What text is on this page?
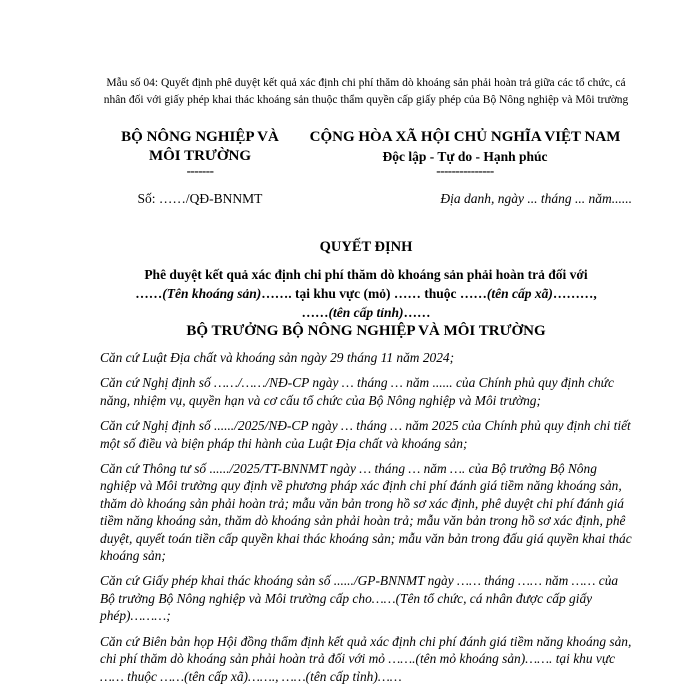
Mẫu số 04: Quyết định phê duyệt kết quả xác định chi phí thăm dò khoáng sản phải hoàn trả giữa các tổ chức, cá nhân đối với giấy phép khai thác khoáng sản thuộc thẩm quyền cấp giấy phép của Bộ Nông nghiệp và Môi trường
BỘ NÔNG NGHIỆP VÀ
MÔI TRƯỜNG
-------
CỘNG HÒA XÃ HỘI CHỦ NGHĨA VIỆT NAM
Độc lập - Tự do - Hạnh phúc
---------------
Số: ……/QĐ-BNNMT	Địa danh, ngày ... tháng ... năm......
QUYẾT ĐỊNH
Phê duyệt kết quả xác định chi phí thăm dò khoáng sản phải hoàn trả đối với
……(Tên khoáng sản)……. tại khu vực (mỏ) …… thuộc ……(tên cấp xã)………,
……(tên cấp tỉnh)……
BỘ TRƯỞNG BỘ NÔNG NGHIỆP VÀ MÔI TRƯỜNG

Căn cứ Luật Địa chất và khoáng sản ngày 29 tháng 11 năm 2024;

Căn cứ Nghị định số ……/……/NĐ-CP ngày … tháng … năm ...... của Chính phủ quy định chức năng, nhiệm vụ, quyền hạn và cơ cấu tổ chức của Bộ Nông nghiệp và Môi trường;

Căn cứ Nghị định số ....../2025/NĐ-CP ngày … tháng … năm 2025 của Chính phủ quy định chi tiết một số điều và biện pháp thi hành của Luật Địa chất và khoáng sản;

Căn cứ Thông tư số ....../2025/TT-BNNMT ngày … tháng … năm …. của Bộ trưởng Bộ Nông nghiệp và Môi trường quy định về phương pháp xác định chi phí đánh giá tiềm năng khoáng sản, thăm dò khoáng sản phải hoàn trả; mẫu văn bản trong hồ sơ xác định, phê duyệt chi phí đánh giá tiềm năng khoáng sản, thăm dò khoáng sản phải hoàn trả; mẫu văn bản trong hồ sơ xác định, phê duyệt, quyết toán tiền cấp quyền khai thác khoáng sản; mẫu văn bản trong đấu giá quyền khai thác khoáng sản;

Căn cứ Giấy phép khai thác khoáng sản số ....../GP-BNNMT ngày …… tháng …… năm …… của Bộ trưởng Bộ Nông nghiệp và Môi trường cấp cho……(Tên tổ chức, cá nhân được cấp giấy phép)………;

Căn cứ Biên bản họp Hội đồng thẩm định kết quả xác định chi phí đánh giá tiềm năng khoáng sản, chi phí thăm dò khoáng sản phải hoàn trả đối với mỏ …….(tên mỏ khoáng sản)……. tại khu vực …… thuộc ……(tên cấp xã)……., ……(tên cấp tỉnh)……
